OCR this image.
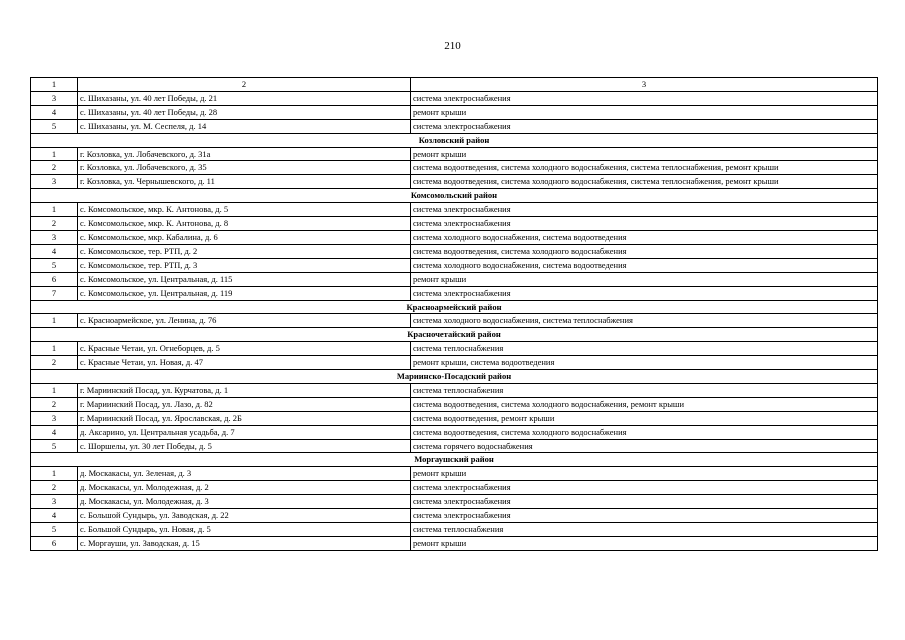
210
1	2	3
3	с. Шихазаны, ул. 40 лет Победы, д. 21	система электроснабжения
4	с. Шихазаны, ул. 40 лет Победы, д. 28	ремонт крыши
5	с. Шихазаны, ул. М. Сеспеля, д. 14	система электроснабжения
Козловский район		
1	г. Козловка, ул. Лобачевского, д. 31а	ремонт крыши
2	г. Козловка, ул. Лобачевского, д. 35	система водоотведения, система холодного водоснабжения, система теплоснабжения, ремонт крыши
3	г. Козловка, ул. Чернышевского, д. 11	система водоотведения, система холодного водоснабжения, система теплоснабжения, ремонт крыши
Комсомольский район		
1	с. Комсомольское, мкр. К. Антонова, д. 5	система электроснабжения
2	с. Комсомольское, мкр. К. Антонова, д. 8	система электроснабжения
3	с. Комсомольское, мкр. Кабалина, д. 6	система холодного водоснабжения, система водоотведения
4	с. Комсомольское, тер. РТП, д. 2	система водоотведения, система холодного водоснабжения
5	с. Комсомольское, тер. РТП, д. 3	система холодного водоснабжения, система водоотведения
6	с. Комсомольское, ул. Центральная, д. 115	ремонт крыши
7	с. Комсомольское, ул. Центральная, д. 119	система электроснабжения
Красноармейский район		
1	с. Красноармейское, ул. Ленина, д. 76	система холодного водоснабжения, система теплоснабжения
Красночетайский район		
1	с. Красные Четаи, ул. Огнеборцев, д. 5	система теплоснабжения
2	с. Красные Четаи, ул. Новая, д. 47	ремонт крыши, система водоотведения
Мариинско-Посадский район		
1	г. Мариинский Посад, ул. Курчатова, д. 1	система теплоснабжения
2	г. Мариинский Посад, ул. Лазо, д. 82	система водоотведения, система холодного водоснабжения, ремонт крыши
3	г. Мариинский Посад, ул. Ярославская, д. 2Б	система водоотведения, ремонт крыши
4	д. Аксарино, ул. Центральная усадьба, д. 7	система водоотведения, система холодного водоснабжения
5	с. Шоршелы, ул. 30 лет Победы, д. 5	система горячего водоснабжения
Моргаушский район		
1	д. Москакасы, ул. Зеленая, д. 3	ремонт крыши
2	д. Москакасы, ул. Молодежная, д. 2	система электроснабжения
3	д. Москакасы, ул. Молодежная, д. 3	система электроснабжения
4	с. Большой Сундырь, ул. Заводская, д. 22	система электроснабжения
5	с. Большой Сундырь, ул. Новая, д. 5	система теплоснабжения
6	с. Моргауши, ул. Заводская, д. 15	ремонт крыши
